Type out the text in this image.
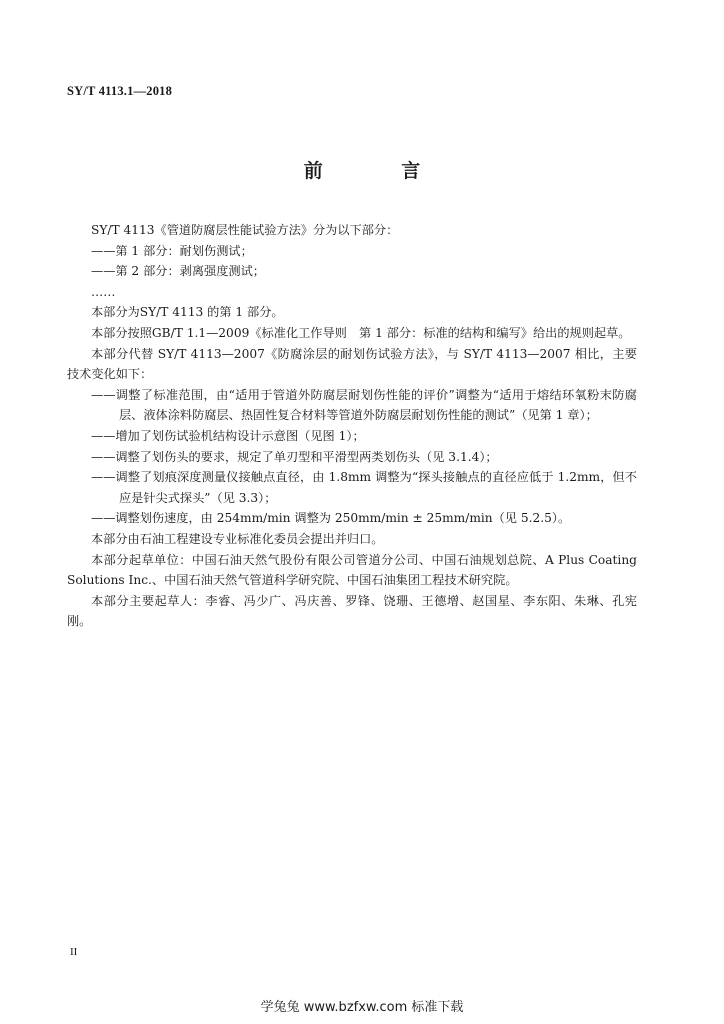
SY/T 4113.1—2018
前 言

SY/T 4113《管道防腐层性能试验方法》分为以下部分：

——第 1 部分：耐划伤测试；

——第 2 部分：剥离强度测试；

……

本部分为SY/T 4113 的第 1 部分。

本部分按照GB/T 1.1—2009《标准化工作导则　第 1 部分：标准的结构和编写》给出的规则起草。

本部分代替 SY/T 4113—2007《防腐涂层的耐划伤试验方法》，与 SY/T 4113—2007 相比，主要技术变化如下：

——调整了标准范围，由“适用于管道外防腐层耐划伤性能的评价”调整为“适用于熔结环氧粉末防腐层、液体涂料防腐层、热固性复合材料等管道外防腐层耐划伤性能的测试”（见第 1 章）；

——增加了划伤试验机结构设计示意图（见图 1）；

——调整了划伤头的要求，规定了单刃型和平滑型两类划伤头（见 3.1.4）；

——调整了划痕深度测量仪接触点直径，由 1.8mm 调整为“探头接触点的直径应低于 1.2mm，但不应是针尖式探头”（见 3.3）；

——调整划伤速度，由 254mm/min 调整为 250mm/min ± 25mm/min（见 5.2.5）。

本部分由石油工程建设专业标准化委员会提出并归口。

本部分起草单位：中国石油天然气股份有限公司管道分公司、中国石油规划总院、A Plus Coating Solutions Inc.、中国石油天然气管道科学研究院、中国石油集团工程技术研究院。

本部分主要起草人：李睿、冯少广、冯庆善、罗锋、饶珊、王德增、赵国星、李东阳、朱琳、孔宪刚。

II
学兔兔 www.bzfxw.com 标准下载
